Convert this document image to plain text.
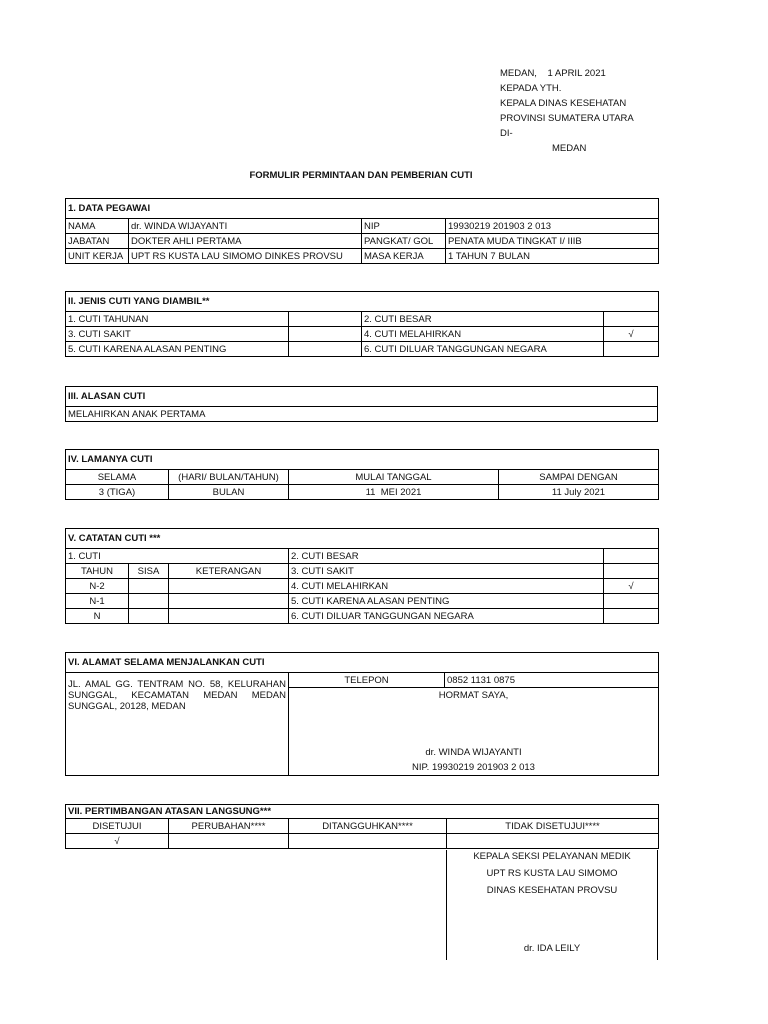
MEDAN,    1 APRIL 2021
KEPADA YTH.
KEPALA DINAS KESEHATAN
PROVINSI SUMATERA UTARA
DI-
MEDAN
FORMULIR PERMINTAAN DAN PEMBERIAN CUTI
1. DATA PEGAWAI			
NAMA	dr. WINDA WIJAYANTI	NIP	19930219 201903 2 013
JABATAN	DOKTER AHLI PERTAMA	PANGKAT/ GOL	PENATA MUDA TINGKAT I/ IIIB
UNIT KERJA	UPT RS KUSTA LAU SIMOMO DINKES PROVSU	MASA KERJA	1 TAHUN 7 BULAN
II. JENIS CUTI YANG DIAMBIL**			
1. CUTI TAHUNAN		2. CUTI BESAR	
3. CUTI SAKIT		4. CUTI MELAHIRKAN	√
5. CUTI KARENA ALASAN PENTING		6. CUTI DILUAR TANGGUNGAN NEGARA	
III. ALASAN CUTI
MELAHIRKAN ANAK PERTAMA
IV. LAMANYA CUTI			
SELAMA	(HARI/ BULAN/TAHUN)	MULAI TANGGAL	SAMPAI DENGAN
3 (TIGA)	BULAN	11  MEI 2021	11 July 2021
V. CATATAN CUTI ***				
1. CUTI			2. CUTI BESAR	
TAHUN	SISA	KETERANGAN	3. CUTI SAKIT	
N-2			4. CUTI MELAHIRKAN	√
N-1			5. CUTI KARENA ALASAN PENTING	
N			6. CUTI DILUAR TANGGUNGAN NEGARA	
VI. ALAMAT SELAMA MENJALANKAN CUTI
JL. AMAL GG. TENTRAM NO. 58, KELURAHAN SUNGGAL, KECAMATAN MEDAN MEDAN SUNGGAL, 20128, MEDAN	TELEPON	0852 1131 0875

HORMAT SAYA,
dr. WINDA WIJAYANTI
NIP. 19930219 201903 2 013
VII. PERTIMBANGAN ATASAN LANGSUNG***			
DISETUJUI	PERUBAHAN****	DITANGGUHKAN****	TIDAK DISETUJUI****
√			
KEPALA SEKSI PELAYANAN MEDIK
UPT RS KUSTA LAU SIMOMO
DINAS KESEHATAN PROVSU
dr. IDA LEILY
